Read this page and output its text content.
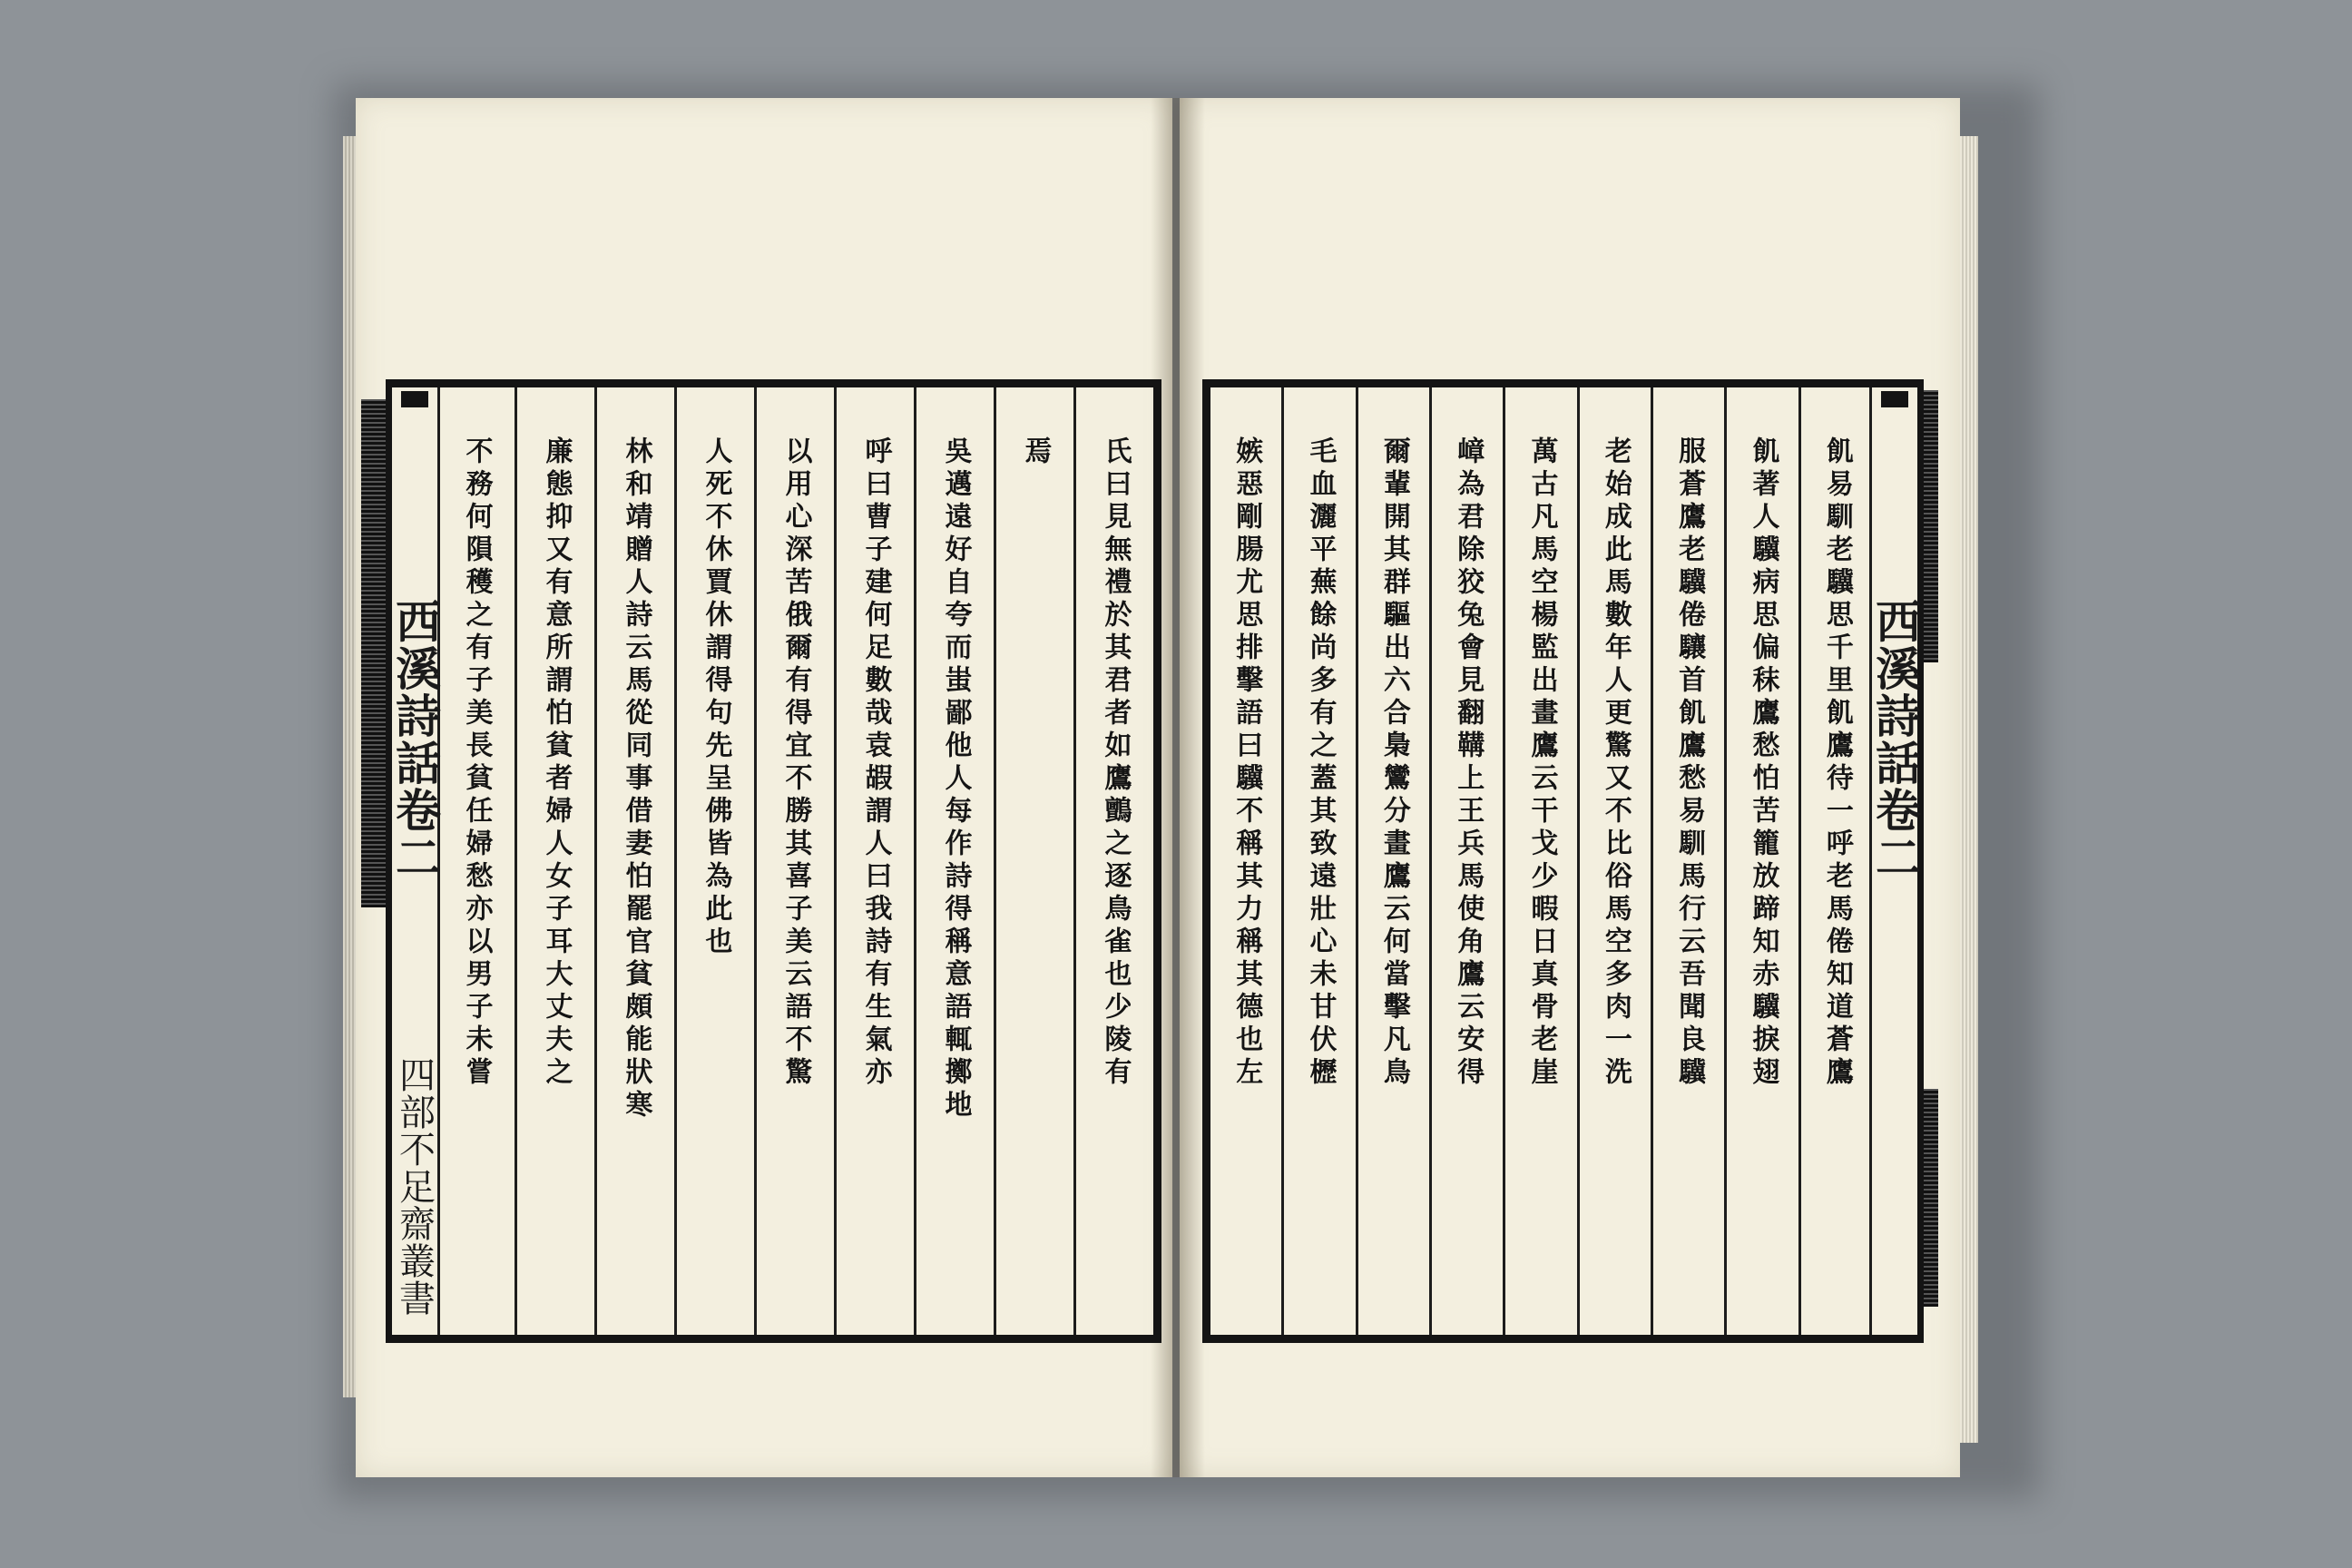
西溪詩話卷二
四部不足齋叢書
氏曰見無禮於其君者如鷹鸇之逐鳥雀也少陵有
焉
吳邁遠好自夸而蚩鄙他人每作詩得稱意語輒擲地
呼曰曹子建何足數哉袁嘏謂人曰我詩有生氣亦
以用心深苦俄爾有得宜不勝其喜子美云語不驚
人死不休賈休謂得句先呈佛皆為此也
林和靖贈人詩云馬從同事借妻怕罷官貧頗能狀寒
廉態抑又有意所謂怕貧者婦人女子耳大丈夫之
不務何隕穫之有子美長貧任婦愁亦以男子未嘗	西溪詩話卷二
飢易馴老驥思千里飢鷹待一呼老馬倦知道蒼鷹
飢著人驥病思偏秣鷹愁怕苦籠放蹄知赤驥捩翅
服蒼鷹老驥倦驤首飢鷹愁易馴馬行云吾聞良驥
老始成此馬數年人更驚又不比俗馬空多肉一洗
萬古凡馬空楊監出畫鷹云干戈少暇日真骨老崖
嶂為君除狡兔會見翻鞲上王兵馬使角鷹云安得
爾輩開其群驅出六合梟鸞分畫鷹云何當擊凡鳥
毛血灑平蕪餘尚多有之蓋其致遠壯心未甘伏櫪
嫉惡剛腸尤思排擊語曰驥不稱其力稱其德也左
